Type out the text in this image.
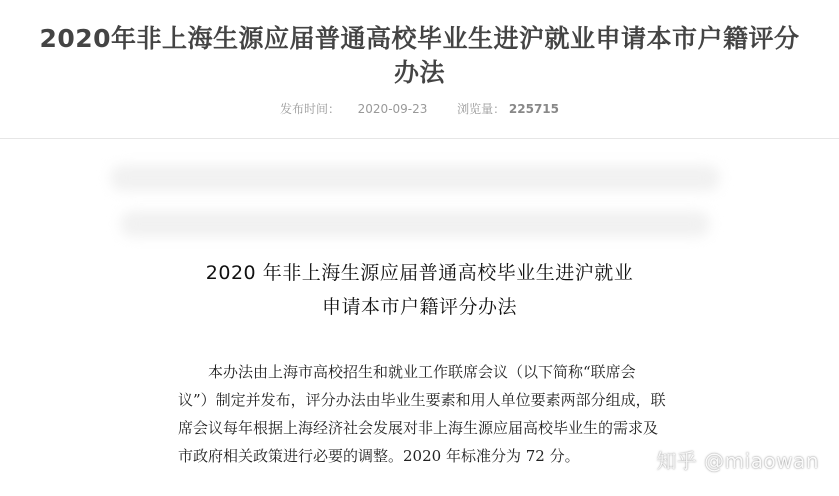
2020年非上海生源应届普通高校毕业生进沪就业申请本市户籍评分办法
发布时间： 2020-09-23 浏览量： 225715
2020 年非上海生源应届普通高校毕业生进沪就业
申请本市户籍评分办法
本办法由上海市高校招生和就业工作联席会议（以下简称“联席会
议”）制定并发布，评分办法由毕业生要素和用人单位要素两部分组成，联
席会议每年根据上海经济社会发展对非上海生源应届高校毕业生的需求及
市政府相关政策进行必要的调整。2020 年标准分为 72 分。	知乎 @miaowan
